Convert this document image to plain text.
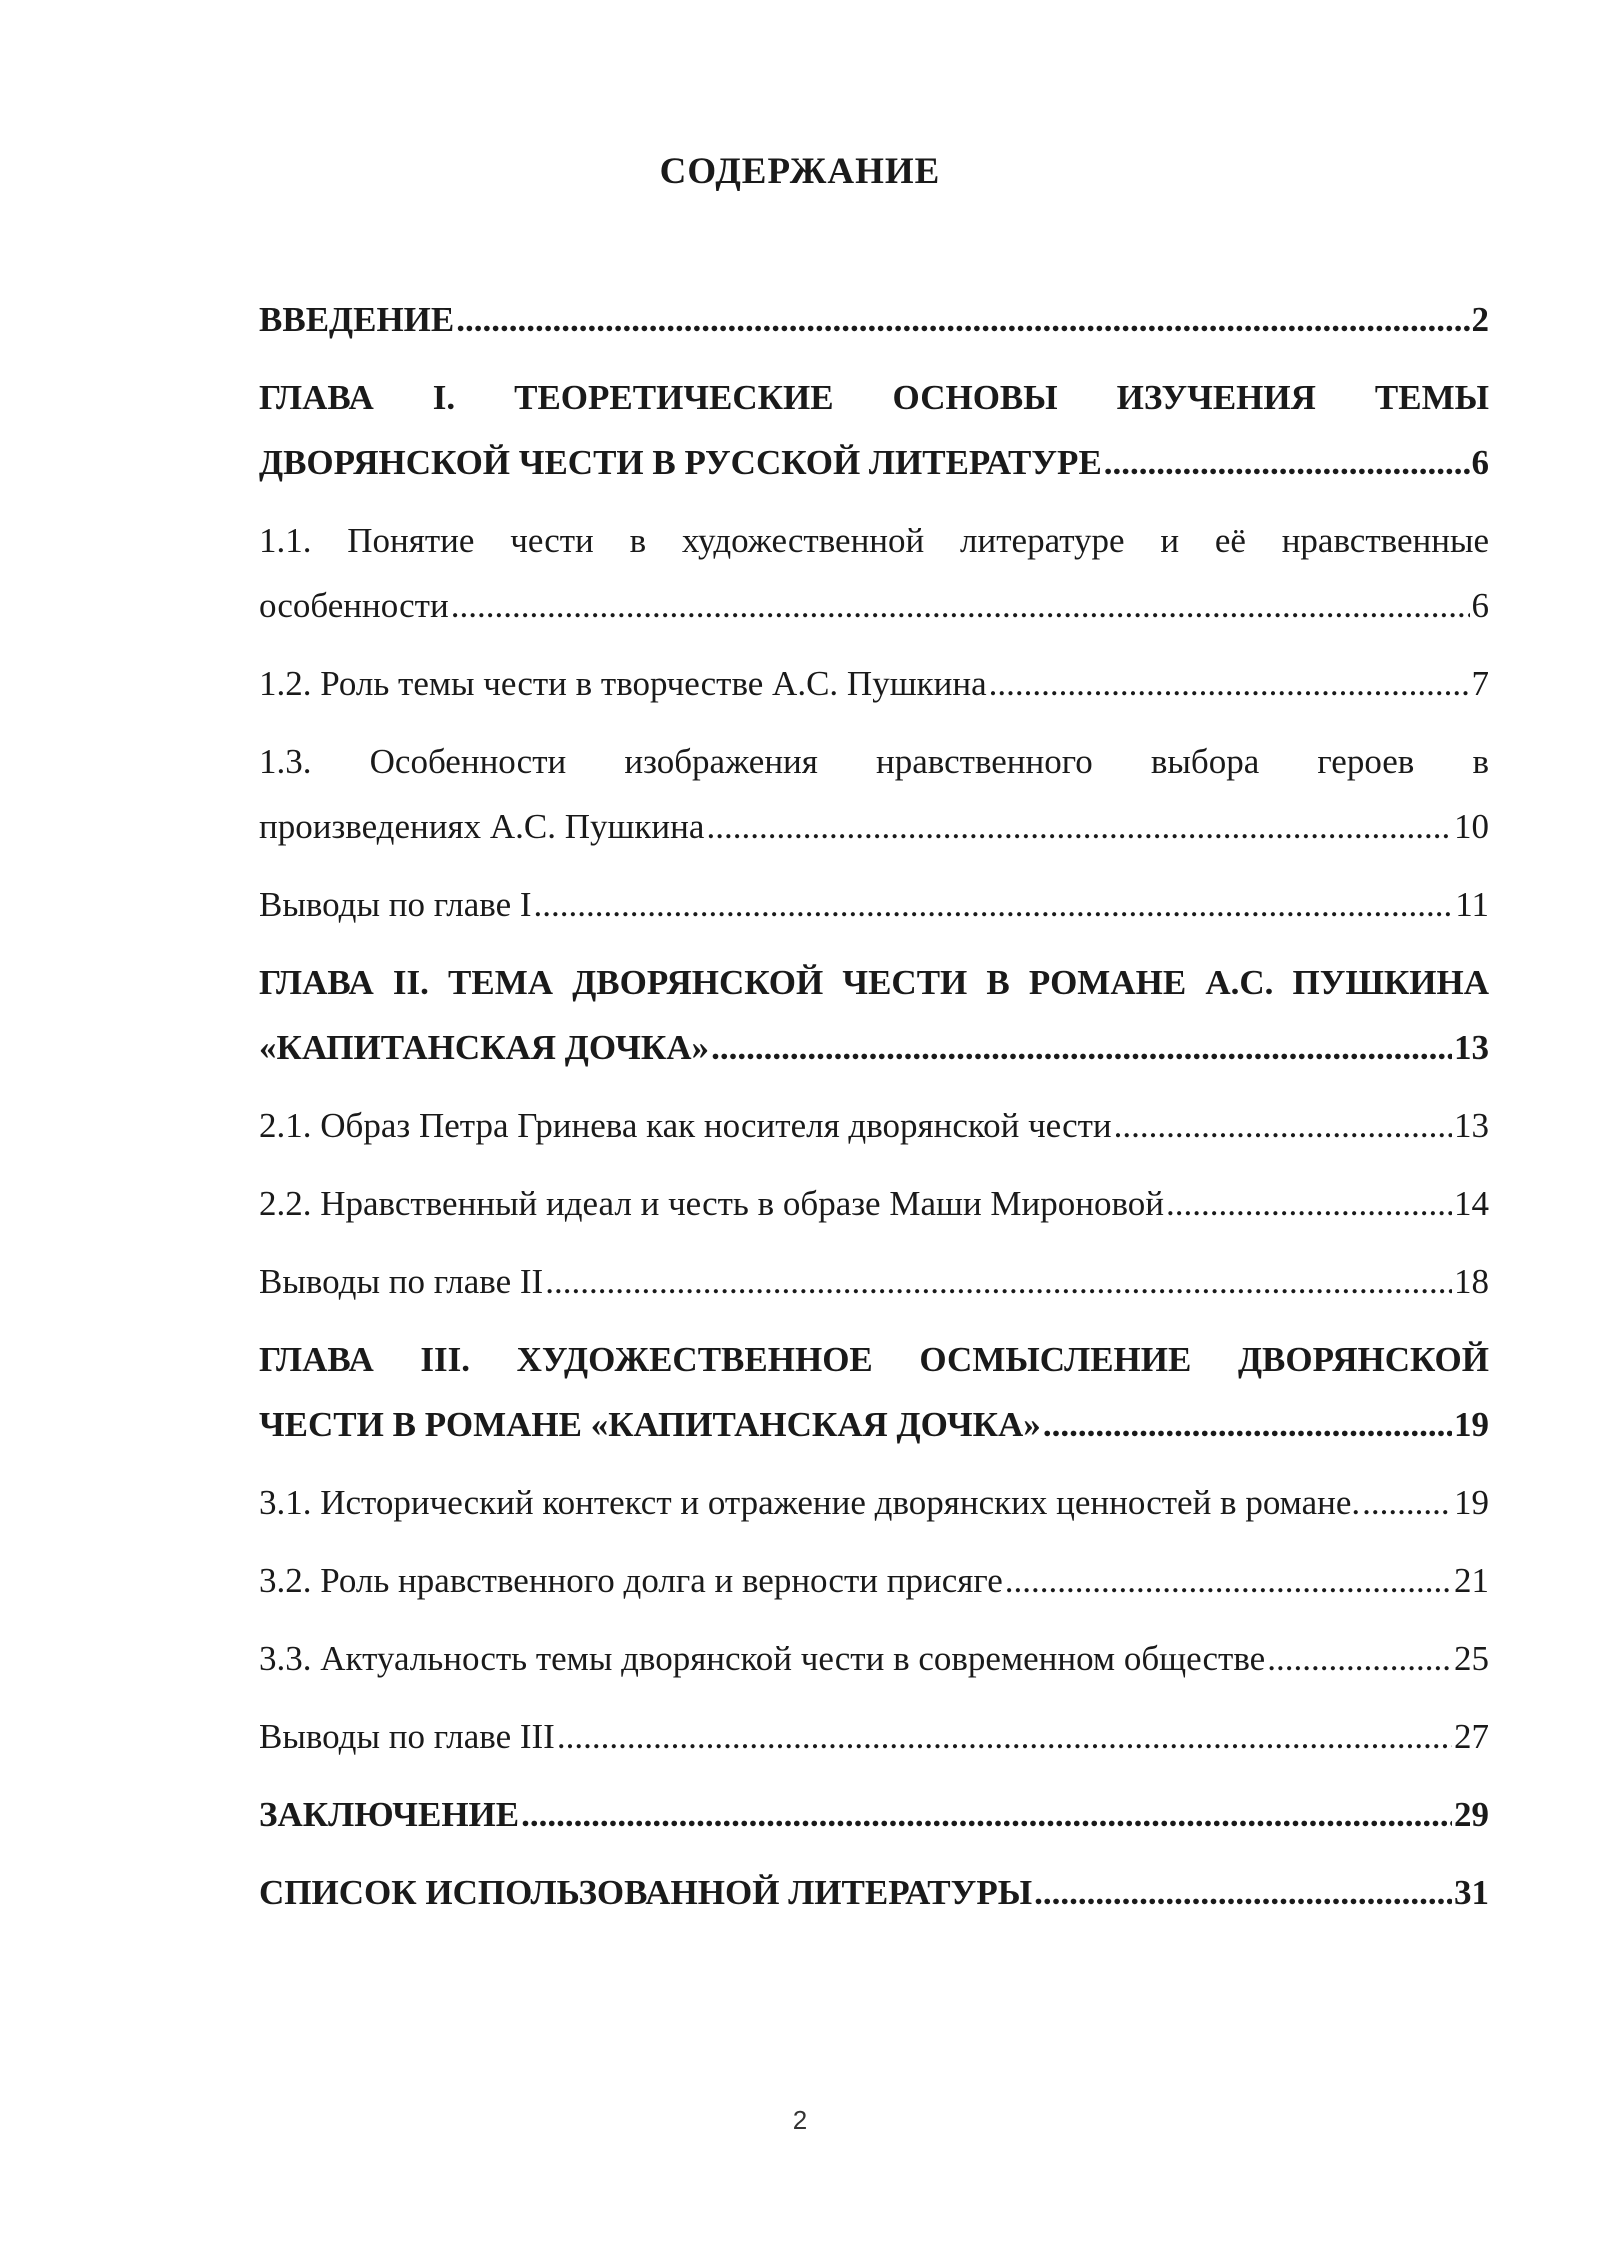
СОДЕРЖАНИЕ
ВВЕДЕНИЕ .....	2
ГЛАВА I. ТЕОРЕТИЧЕСКИЕ ОСНОВЫ ИЗУЧЕНИЯ ТЕМЫ
ДВОРЯНСКОЙ ЧЕСТИ В РУССКОЙ ЛИТЕРАТУРЕ .....	6
1.1. Понятие чести в художественной литературе и её нравственные
особенности .....	6
1.2. Роль темы чести в творчестве А.С. Пушкина .....	7
1.3. Особенности изображения нравственного выбора героев в
произведениях А.С. Пушкина .....	10
Выводы по главе I .....	11
ГЛАВА II. ТЕМА ДВОРЯНСКОЙ ЧЕСТИ В РОМАНЕ А.С. ПУШКИНА
«КАПИТАНСКАЯ ДОЧКА» .....	13
2.1. Образ Петра Гринева как носителя дворянской чести .....	13
2.2. Нравственный идеал и честь в образе Маши Мироновой .....	14
Выводы по главе II .....	18
ГЛАВА III. ХУДОЖЕСТВЕННОЕ ОСМЫСЛЕНИЕ ДВОРЯНСКОЙ
ЧЕСТИ В РОМАНЕ «КАПИТАНСКАЯ ДОЧКА» .....	19
3.1. Исторический контекст и отражение дворянских ценностей в романе. .....	19
3.2. Роль нравственного долга и верности присяге .....	21
3.3. Актуальность темы дворянской чести в современном обществе .....	25
Выводы по главе III .....	27
ЗАКЛЮЧЕНИЕ .....	29
СПИСОК ИСПОЛЬЗОВАННОЙ ЛИТЕРАТУРЫ .....	31
2
